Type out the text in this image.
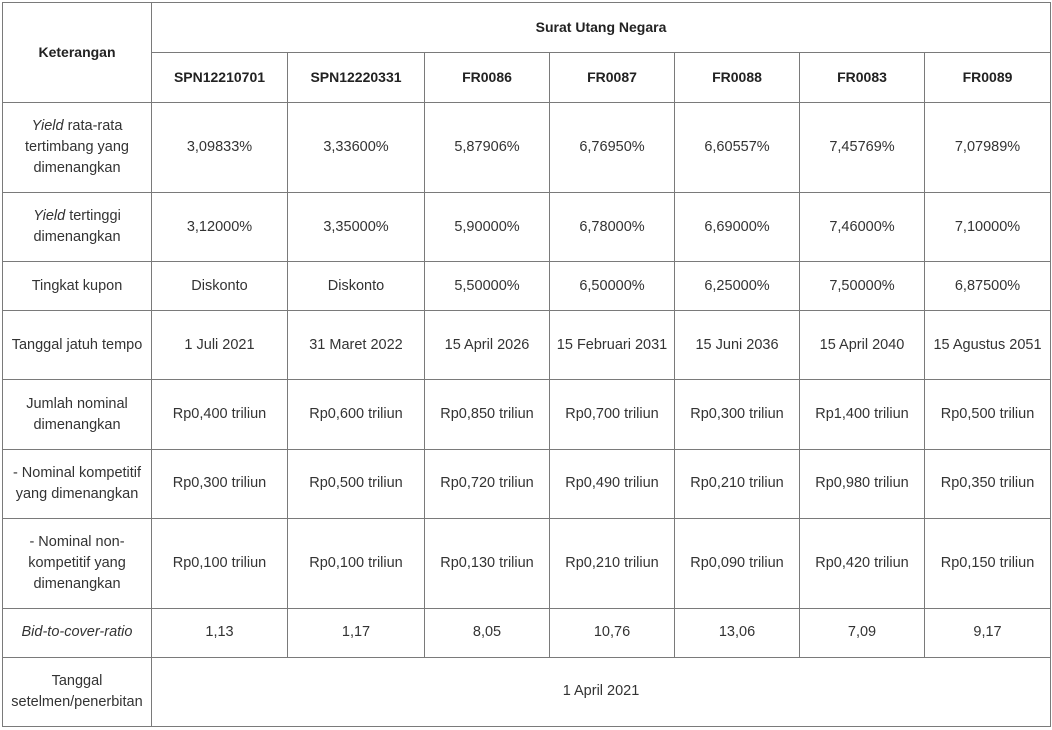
Keterangan	Surat Utang Negara						
	SPN12210701	SPN12220331	FR0086	FR0087	FR0088	FR0083	FR0089
Yield rata-rata tertimbang yang dimenangkan	3,09833%	3,33600%	5,87906%	6,76950%	6,60557%	7,45769%	7,07989%
Yield tertinggi dimenangkan	3,12000%	3,35000%	5,90000%	6,78000%	6,69000%	7,46000%	7,10000%
Tingkat kupon	Diskonto	Diskonto	5,50000%	6,50000%	6,25000%	7,50000%	6,87500%
Tanggal jatuh tempo	1 Juli 2021	31 Maret 2022	15 April 2026	15 Februari 2031	15 Juni 2036	15 April 2040	15 Agustus 2051
Jumlah nominal dimenangkan	Rp0,400 triliun	Rp0,600 triliun	Rp0,850 triliun	Rp0,700 triliun	Rp0,300 triliun	Rp1,400 triliun	Rp0,500 triliun
- Nominal kompetitif yang dimenangkan	Rp0,300 triliun	Rp0,500 triliun	Rp0,720 triliun	Rp0,490 triliun	Rp0,210 triliun	Rp0,980 triliun	Rp0,350 triliun
- Nominal non-kompetitif yang dimenangkan	Rp0,100 triliun	Rp0,100 triliun	Rp0,130 triliun	Rp0,210 triliun	Rp0,090 triliun	Rp0,420 triliun	Rp0,150 triliun
Bid-to-cover-ratio	1,13	1,17	8,05	10,76	13,06	7,09	9,17
Tanggal setelmen/penerbitan	1 April 2021						
